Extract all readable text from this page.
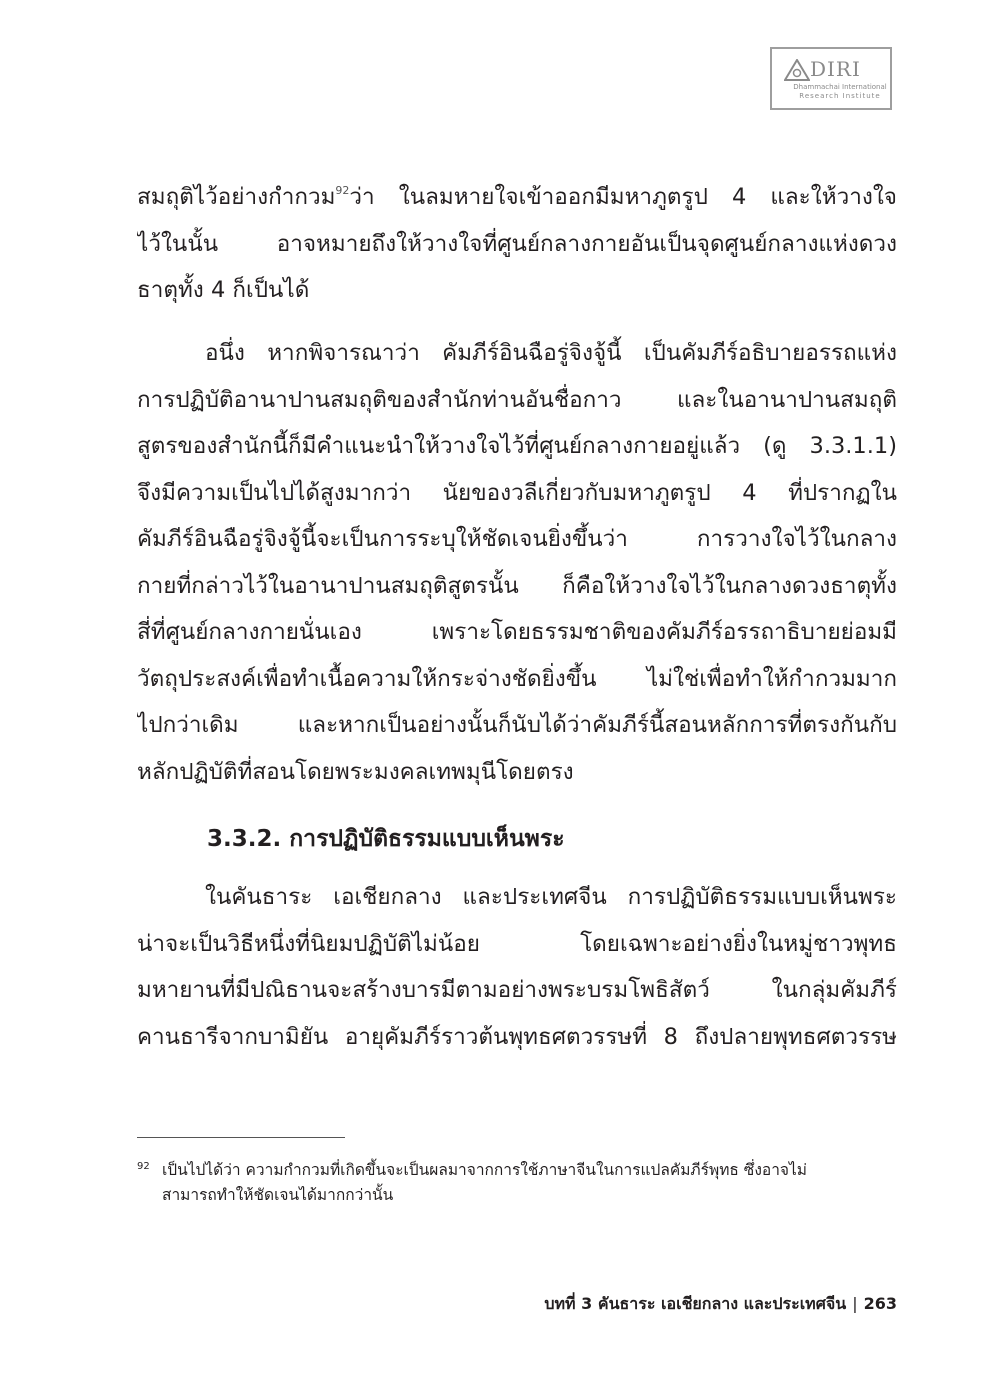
DIRI
Dhammachai International
Research Institute
สมถุติไว้อย่างกำกวม$^{92}$ว่า ในลมหายใจเข้าออกมีมหาภูตรูป 4 และให้วางใจ
ไว้ในนั้น อาจหมายถึงให้วางใจที่ศูนย์กลางกายอันเป็นจุดศูนย์กลางแห่งดวง
ธาตุทั้ง 4 ก็เป็นได้
อนึ่ง หากพิจารณาว่า คัมภีร์อินฉือรู่จิงจู้นี้ เป็นคัมภีร์อธิบายอรรถแห่ง
การปฏิบัติอานาปานสมถุติของสำนักท่านอันชื่อกาว และในอานาปานสมถุติ
สูตรของสำนักนี้ก็มีคำแนะนำให้วางใจไว้ที่ศูนย์กลางกายอยู่แล้ว (ดู 3.3.1.1)
จึงมีความเป็นไปได้สูงมากว่า นัยของวลีเกี่ยวกับมหาภูตรูป 4 ที่ปรากฏใน
คัมภีร์อินฉือรู่จิงจู้นี้จะเป็นการระบุให้ชัดเจนยิ่งขึ้นว่า การวางใจไว้ในกลาง
กายที่กล่าวไว้ในอานาปานสมถุติสูตรนั้น ก็คือให้วางใจไว้ในกลางดวงธาตุทั้ง
สี่ที่ศูนย์กลางกายนั่นเอง เพราะโดยธรรมชาติของคัมภีร์อรรถาธิบายย่อมมี
วัตถุประสงค์เพื่อทำเนื้อความให้กระจ่างชัดยิ่งขึ้น ไม่ใช่เพื่อทำให้กำกวมมาก
ไปกว่าเดิม และหากเป็นอย่างนั้นก็นับได้ว่าคัมภีร์นี้สอนหลักการที่ตรงกันกับ
หลักปฏิบัติที่สอนโดยพระมงคลเทพมุนีโดยตรง
3.3.2. การปฏิบัติธรรมแบบเห็นพระ
ในคันธาระ เอเชียกลาง และประเทศจีน การปฏิบัติธรรมแบบเห็นพระ
น่าจะเป็นวิธีหนึ่งที่นิยมปฏิบัติไม่น้อย โดยเฉพาะอย่างยิ่งในหมู่ชาวพุทธ
มหายานที่มีปณิธานจะสร้างบารมีตามอย่างพระบรมโพธิสัตว์ ในกลุ่มคัมภีร์
คานธารีจากบามิยัน อายุคัมภีร์ราวต้นพุทธศตวรรษที่ 8 ถึงปลายพุทธศตวรรษ
92 เป็นไปได้ว่า ความกำกวมที่เกิดขึ้นจะเป็นผลมาจากการใช้ภาษาจีนในการแปลคัมภีร์พุทธ ซึ่งอาจไม่
สามารถทำให้ชัดเจนได้มากกว่านั้น
บทที่ 3 คันธาระ เอเชียกลาง และประเทศจีน | 263
